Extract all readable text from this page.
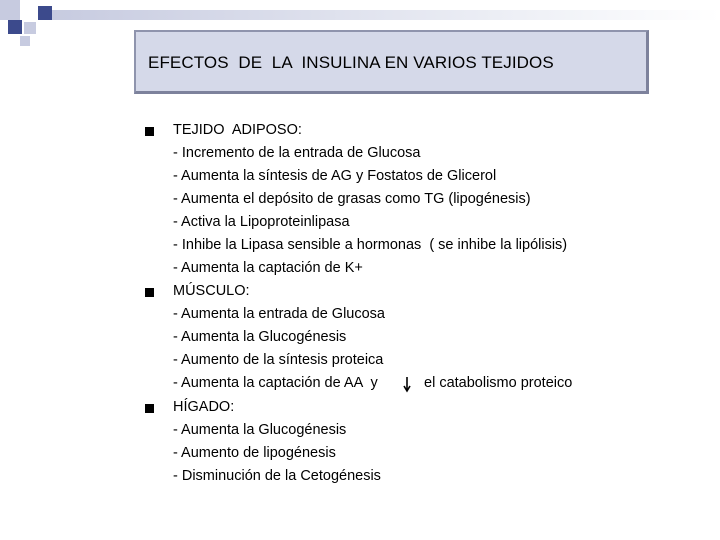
EFECTOS  DE  LA  INSULINA EN VARIOS TEJIDOS
TEJIDO  ADIPOSO:
- Incremento de la entrada de Glucosa
- Aumenta la síntesis de AG y Fostatos de Glicerol
- Aumenta el depósito de grasas como TG (lipogénesis)
- Activa la Lipoproteinlipasa
- Inhibe la Lipasa sensible a hormonas  ( se inhibe la lipólisis)
- Aumenta la captación de K+
MÚSCULO:
- Aumenta la entrada de Glucosa
- Aumenta la Glucogénesis
- Aumento de la síntesis proteica
- Aumenta la captación de AA  y	el catabolismo proteico
HÍGADO:
- Aumenta la Glucogénesis
- Aumento de lipogénesis
- Disminución de la Cetogénesis
